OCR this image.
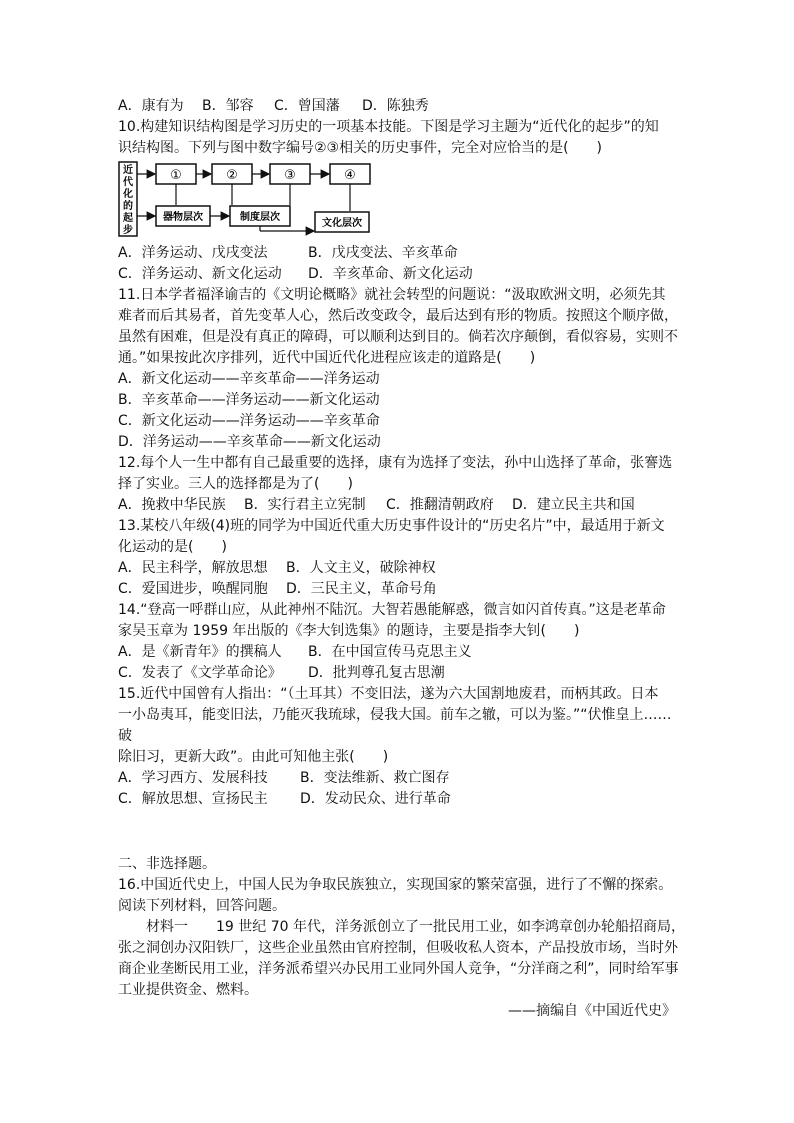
A．康有为	B．邹容	C．曾国藩	D．陈独秀
10.构建知识结构图是学习历史的一项基本技能。下图是学习主题为“近代化的起步”的知
识结构图。下列与图中数字编号②③相关的历史事件，完全对应恰当的是(　　)
近
代
化
的
起
步
①	②	③	④
器物层次	制度层次
文化层次
A．洋务运动、戊戌变法	B．戊戌变法、辛亥革命
C．洋务运动、新文化运动	D．辛亥革命、新文化运动
11.日本学者福泽谕吉的《文明论概略》就社会转型的问题说：“汲取欧洲文明，必须先其
难者而后其易者，首先变革人心，然后改变政令，最后达到有形的物质。按照这个顺序做，
虽然有困难，但是没有真正的障碍，可以顺利达到目的。倘若次序颠倒，看似容易，实则不
通。”如果按此次序排列，近代中国近代化进程应该走的道路是(　　)
A．新文化运动——辛亥革命——洋务运动
B．辛亥革命——洋务运动——新文化运动
C．新文化运动——洋务运动——辛亥革命
D．洋务运动——辛亥革命——新文化运动
12.每个人一生中都有自己最重要的选择，康有为选择了变法，孙中山选择了革命，张謇选
择了实业。三人的选择都是为了(　　)
A．挽救中华民族	B．实行君主立宪制	C．推翻清朝政府	D．建立民主共和国
13.某校八年级(4)班的同学为中国近代重大历史事件设计的“历史名片”中，最适用于新文
化运动的是(　　)
A．民主科学，解放思想	B．人文主义，破除神权
C．爱国进步，唤醒同胞	D．三民主义，革命号角
14.“登高一呼群山应，从此神州不陆沉。大智若愚能解惑，微言如闪首传真。”这是老革命
家吴玉章为 1959 年出版的《李大钊选集》的题诗，主要是指李大钊(　　)
A．是《新青年》的撰稿人	B．在中国宣传马克思主义
C．发表了《文学革命论》	D．批判尊孔复古思潮
15.近代中国曾有人指出：“（土耳其）不变旧法，遂为六大国割地废君，而柄其政。日本
一小岛夷耳，能变旧法，乃能灭我琉球，侵我大国。前车之辙，可以为鉴。”“伏惟皇上……
破
除旧习，更新大政”。由此可知他主张(　　)
A．学习西方、发展科技	B．变法维新、救亡图存
C．解放思想、宣扬民主	D．发动民众、进行革命
二、非选择题。
16.中国近代史上，中国人民为争取民族独立，实现国家的繁荣富强，进行了不懈的探索。
阅读下列材料，回答问题。
材料一　　19 世纪 70 年代，洋务派创立了一批民用工业，如李鸿章创办轮船招商局，
张之洞创办汉阳铁厂，这些企业虽然由官府控制，但吸收私人资本，产品投放市场，当时外
商企业垄断民用工业，洋务派希望兴办民用工业同外国人竞争，“分洋商之利”，同时给军事
工业提供资金、燃料。
——摘编自《中国近代史》
